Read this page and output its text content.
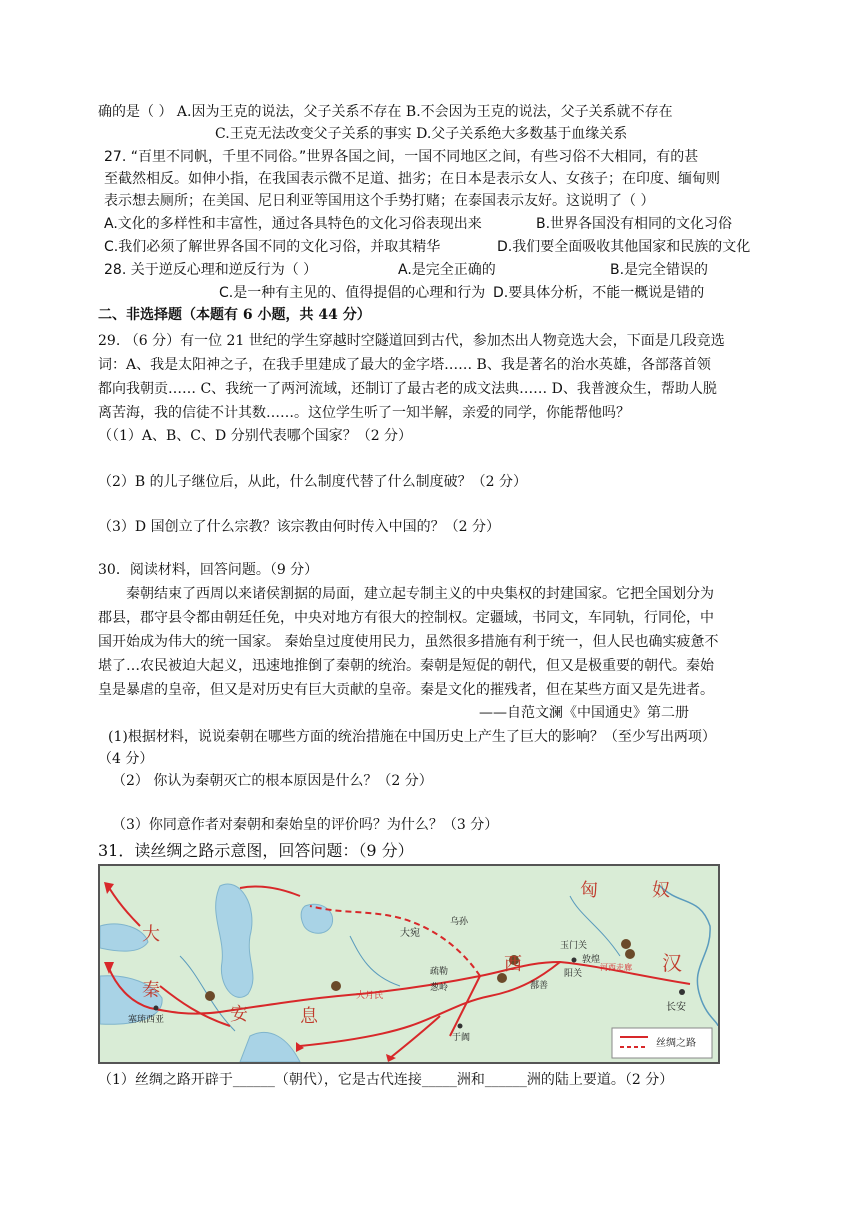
确的是（ ） A.因为王克的说法，父子关系不存在 B.不会因为王克的说法，父子关系就不存在
C.王克无法改变父子关系的事实 D.父子关系绝大多数基于血缘关系
27. “百里不同帆，千里不同俗。”世界各国之间，一国不同地区之间，有些习俗不大相同，有的甚
至截然相反。如伸小指，在我国表示微不足道、拙劣；在日本是表示女人、女孩子；在印度、缅甸则
表示想去厕所；在美国、尼日利亚等国用这个手势打赌；在泰国表示友好。这说明了（ ）
A.文化的多样性和丰富性，通过各具特色的文化习俗表现出来	B.世界各国没有相同的文化习俗
C.我们必须了解世界各国不同的文化习俗，并取其精华	D.我们要全面吸收其他国家和民族的文化
28. 关于逆反心理和逆反行为（ ）	A.是完全正确的	B.是完全错误的
C.是一种有主见的、值得提倡的心理和行为 D.要具体分析，不能一概说是错的
二、非选择题（本题有 6 小题，共 44 分）
29. （6 分）有一位 21 世纪的学生穿越时空隧道回到古代，参加杰出人物竞选大会，下面是几段竞选
词：A、我是太阳神之子，在我手里建成了最大的金字塔…… B、我是著名的治水英雄，各部落首领
都向我朝贡…… C、我统一了两河流域，还制订了最古老的成文法典…… D、我普渡众生，帮助人脱
离苦海，我的信徒不计其数……。这位学生听了一知半解，亲爱的同学，你能帮他吗？
（（1）A、B、C、D 分别代表哪个国家？（2 分）
（2）B 的儿子继位后，从此，什么制度代替了什么制度破？（2 分）
（3）D 国创立了什么宗教？该宗教由何时传入中国的？（2 分）
30．阅读材料，回答问题。（9 分）
秦朝结束了西周以来诸侯割据的局面，建立起专制主义的中央集权的封建国家。它把全国划分为
郡县，郡守县令都由朝廷任免，中央对地方有很大的控制权。定疆域，书同文，车同轨，行同伦，中
国开始成为伟大的统一国家。 秦始皇过度使用民力，虽然很多措施有利于统一，但人民也确实疲惫不
堪了…农民被迫大起义，迅速地推倒了秦朝的统治。秦朝是短促的朝代，但又是极重要的朝代。秦始
皇是暴虐的皇帝，但又是对历史有巨大贡献的皇帝。秦是文化的摧残者，但在某些方面又是先进者。
——自范文澜《中国通史》第二册
(1)根据材料，说说秦朝在哪些方面的统治措施在中国历史上产生了巨大的影响？（至少写出两项）
（4 分）
（2） 你认为秦朝灭亡的根本原因是什么？（2 分）
（3）你同意作者对秦朝和秦始皇的评价吗？为什么？（3 分）
31．读丝绸之路示意图，回答问题：（9 分）
匈	奴
大
秦
安	息
西	汉
长安
玉门关
阳关
敦煌
大宛
疏勒
葱岭
于阗
鄯善
塞琉西亚
大月氏
乌孙
河西走廊
丝绸之路
（1）丝绸之路开辟于______（朝代），它是古代连接_____洲和______洲的陆上要道。（2 分）
